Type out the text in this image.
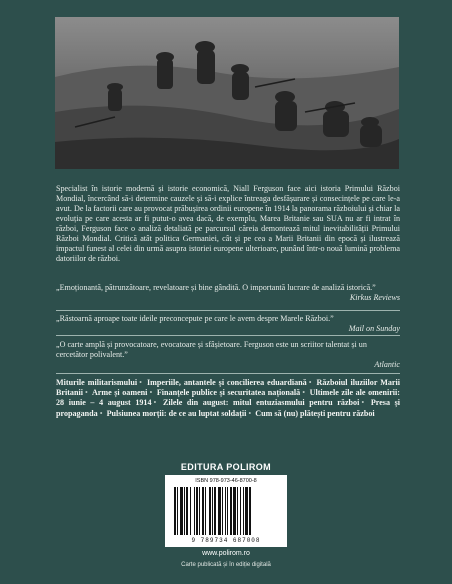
Specialist în istorie modernă și istorie economică, Niall Ferguson face aici istoria Primului Război Mondial, încercând să-i determine cauzele și să-i explice întreaga desfășurare și consecințele pe care le-a avut. De la factorii care au provocat prăbușirea ordinii europene în 1914 la panorama războiului și chiar la evoluția pe care acesta ar fi putut-o avea dacă, de exemplu, Marea Britanie sau SUA nu ar fi intrat în război, Ferguson face o analiză detaliată pe parcursul căreia demontează mitul inevitabilității Primului Război Mondial. Critică atât politica Germaniei, cât și pe cea a Marii Britanii din epocă și ilustrează impactul funest al celei din urmă asupra istoriei europene ulterioare, punând într-o nouă lumină problema datoriilor de război.
„Emoționantă, pătrunzătoare, revelatoare și bine gândită. O importantă lucrare de analiză istorică.”
Kirkus Reviews
„Răstoarnă aproape toate ideile preconcepute pe care le avem despre Marele Război.”
Mail on Sunday
„O carte amplă și provocatoare, evocatoare și sfâșietoare. Ferguson este un scriitor talentat și un cercetător polivalent.”
Atlantic
Miturile militarismului • Imperiile, antantele și concilierea eduardiană • Războiul iluziilor Marii Britanii • Arme și oameni • Finanțele publice și securitatea națională • Ultimele zile ale omenirii: 28 iunie – 4 august 1914 • Zilele din august: mitul entuziasmului pentru război • Presa și propaganda • Pulsiunea morții: de ce au luptat soldații • Cum să (nu) plătești pentru război
EDITURA POLIROM
ISBN 978-973-46-8700-8
9 789734 687008
www.polirom.ro
Carte publicată și în ediție digitală
